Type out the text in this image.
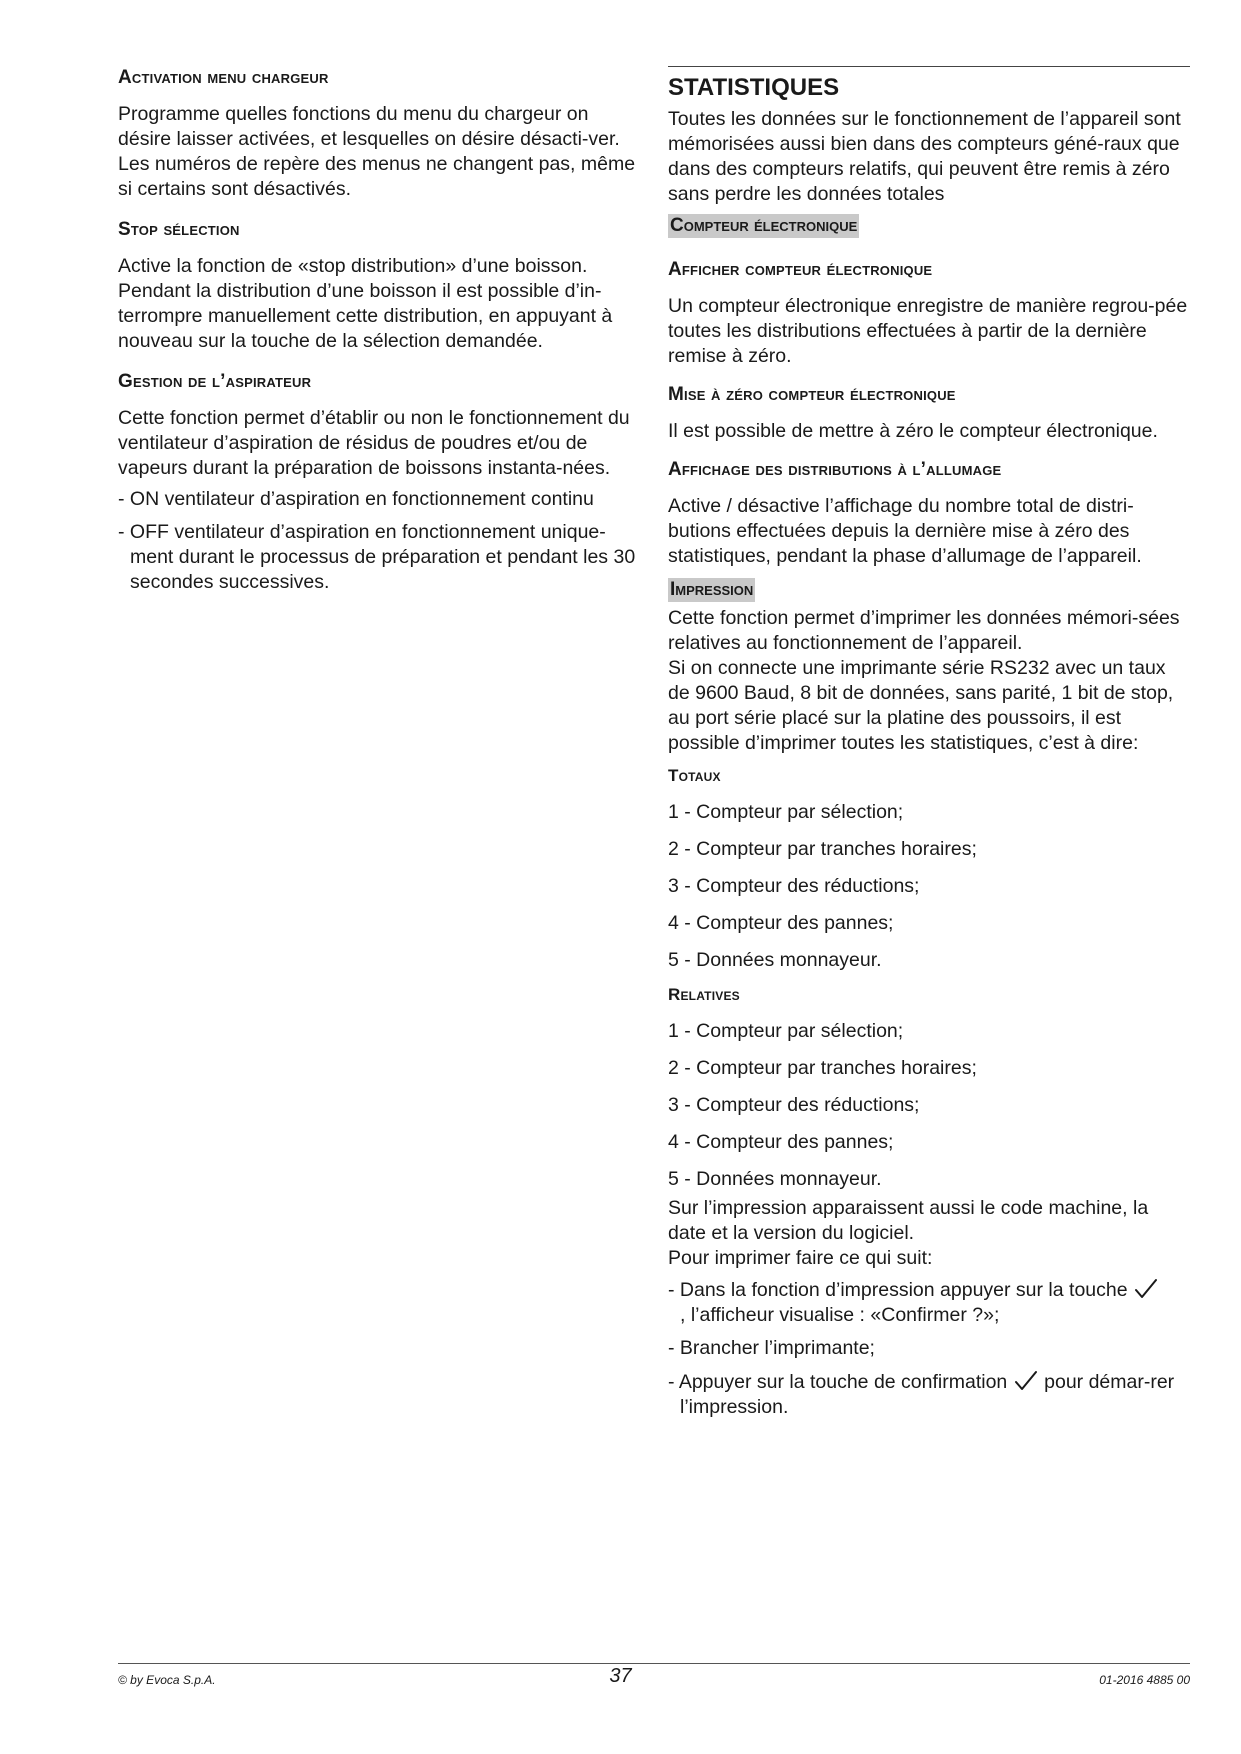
Activation menu chargeur

Programme quelles fonctions du menu du chargeur on désire laisser activées, et lesquelles on désire désacti-ver.

Les numéros de repère des menus ne changent pas, même si certains sont désactivés.

Stop sélection

Active la fonction de «stop distribution» d’une boisson. Pendant la distribution d’une boisson il est possible d’in-terrompre manuellement cette distribution, en appuyant à nouveau sur la touche de la sélection demandée.

Gestion de l’aspirateur

Cette fonction permet d’établir ou non le fonctionnement du ventilateur d’aspiration de résidus de poudres et/ou de vapeurs durant la préparation de boissons instanta-nées.

- ON ventilateur d’aspiration en fonctionnement continu

- OFF ventilateur d’aspiration en fonctionnement unique-ment durant le processus de préparation et pendant les 30 secondes successives.

STATISTIQUES

Toutes les données sur le fonctionnement de l’appareil sont mémorisées aussi bien dans des compteurs géné-raux que dans des compteurs relatifs, qui peuvent être remis à zéro sans perdre les données totales

Compteur électronique
Afficher compteur électronique

Un compteur électronique enregistre de manière regrou-pée toutes les distributions effectuées à partir de la dernière remise à zéro.

Mise à zéro compteur électronique

Il est possible de mettre à zéro le compteur électronique.

Affichage des distributions à l’allumage

Active / désactive l’affichage du nombre total de distri-butions effectuées depuis la dernière mise à zéro des statistiques, pendant la phase d’allumage de l’appareil.

Impression

Cette fonction permet d’imprimer les données mémori-sées relatives au fonctionnement de l’appareil.

Si on connecte une imprimante série RS232 avec un taux de 9600 Baud, 8 bit de données, sans parité, 1 bit de stop, au port série placé sur la platine des poussoirs, il est possible d’imprimer toutes les statistiques, c’est à dire:

Totaux
1 - Compteur par sélection;
2 - Compteur par tranches horaires;
3 - Compteur des réductions;
4 - Compteur des pannes;
5 - Données monnayeur.
Relatives
1 - Compteur par sélection;
2 - Compteur par tranches horaires;
3 - Compteur des réductions;
4 - Compteur des pannes;
5 - Données monnayeur.

Sur l’impression apparaissent aussi le code machine, la date et la version du logiciel.

Pour imprimer faire ce qui suit:

- Dans la fonction d’impression appuyer sur la touche
, l’afficheur visualise : «Confirmer ?»;

- Brancher l’imprimante;

- Appuyer sur la touche de confirmation pour démar-rer l’impression.

© by Evoca S.p.A.	37	01-2016 4885 00
